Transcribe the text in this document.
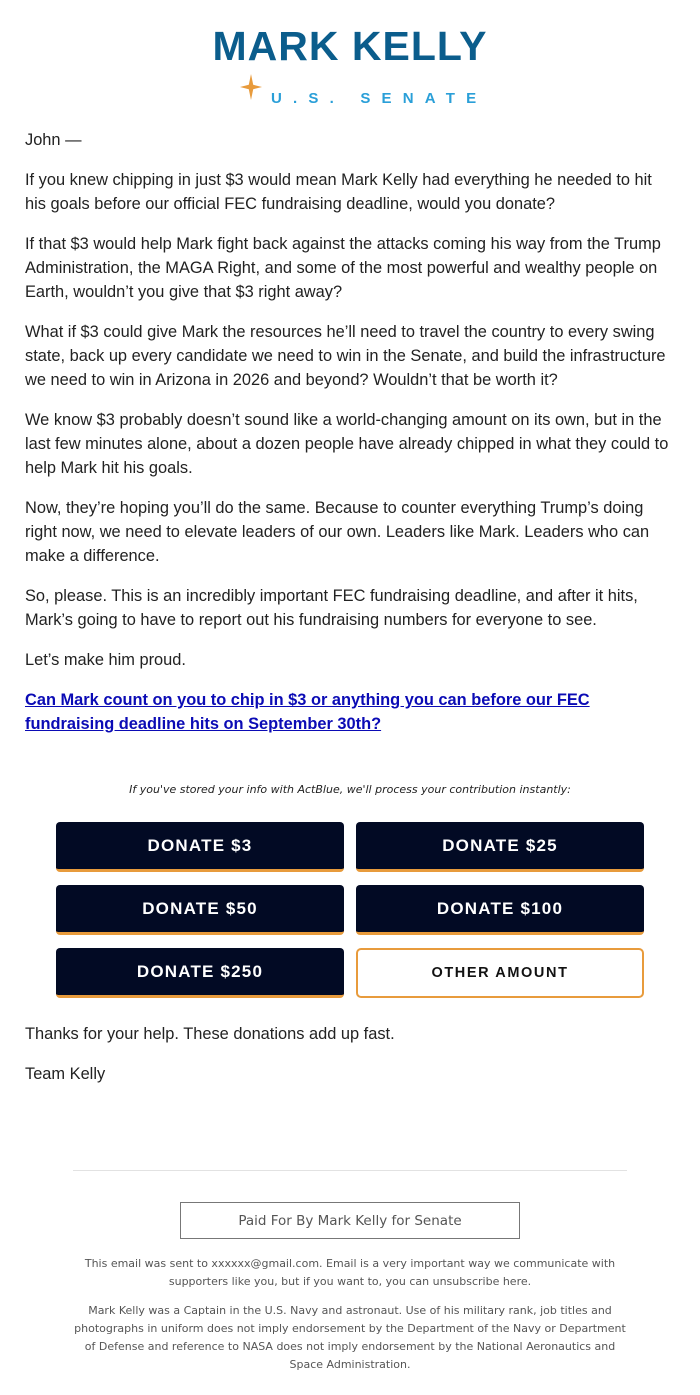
MARK KELLY
U.S. SENATE

John —

If you knew chipping in just $3 would mean Mark Kelly had everything he needed to hit his goals before our official FEC fundraising deadline, would you donate?

If that $3 would help Mark fight back against the attacks coming his way from the Trump Administration, the MAGA Right, and some of the most powerful and wealthy people on Earth, wouldn’t you give that $3 right away?

What if $3 could give Mark the resources he’ll need to travel the country to every swing state, back up every candidate we need to win in the Senate, and build the infrastructure we need to win in Arizona in 2026 and beyond? Wouldn’t that be worth it?

We know $3 probably doesn’t sound like a world-changing amount on its own, but in the last few minutes alone, about a dozen people have already chipped in what they could to help Mark hit his goals.

Now, they’re hoping you’ll do the same. Because to counter everything Trump’s doing right now, we need to elevate leaders of our own. Leaders like Mark. Leaders who can make a difference.

So, please. This is an incredibly important FEC fundraising deadline, and after it hits, Mark’s going to have to report out his fundraising numbers for everyone to see.

Let’s make him proud.

Can Mark count on you to chip in $3 or anything you can before our FEC fundraising deadline hits on September 30th?
If you've stored your info with ActBlue, we'll process your contribution instantly:
DONATE $3	DONATE $25
DONATE $50	DONATE $100
DONATE $250	OTHER AMOUNT

Thanks for your help. These donations add up fast.

Team Kelly

Paid For By Mark Kelly for Senate
This email was sent to xxxxxx@gmail.com. Email is a very important way we communicate with supporters like you, but if you want to, you can unsubscribe here.
Mark Kelly was a Captain in the U.S. Navy and astronaut. Use of his military rank, job titles and photographs in uniform does not imply endorsement by the Department of the Navy or Department of Defense and reference to NASA does not imply endorsement by the National Aeronautics and Space Administration.
